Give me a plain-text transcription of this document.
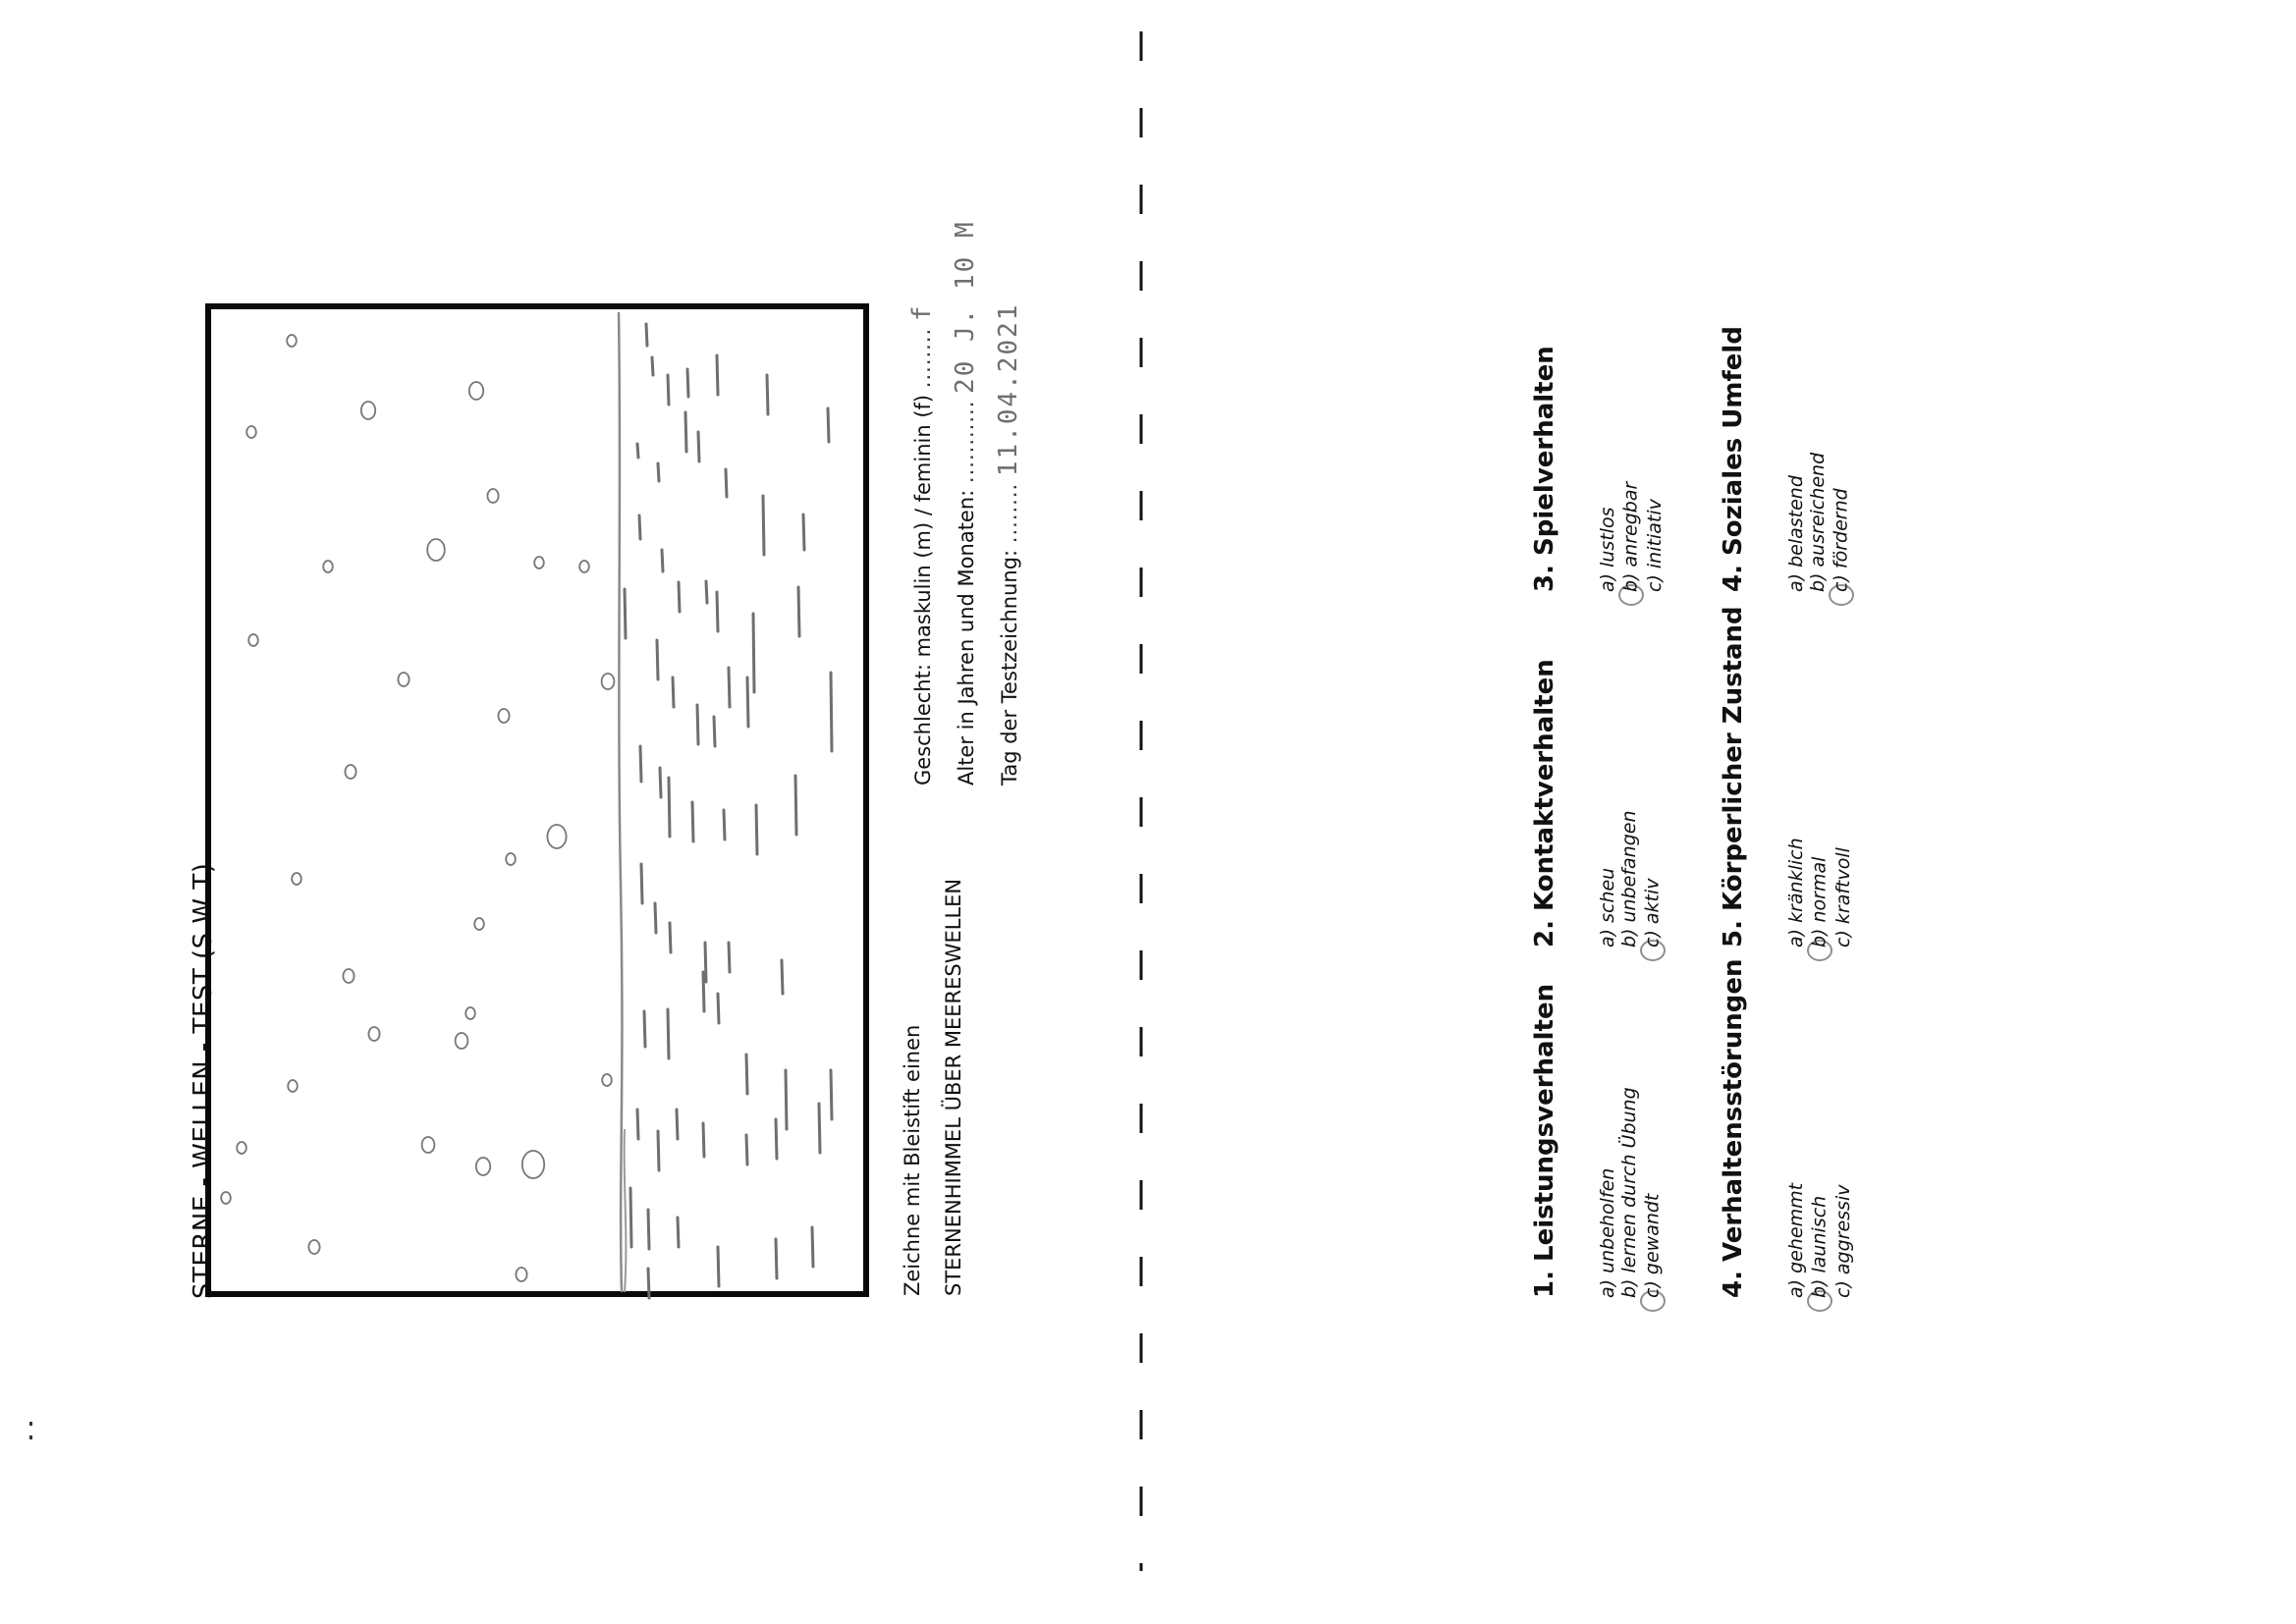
STERNE - WELLEN - TEST (S W T)	Zeichne mit Bleistift einen STERNENHIMMEL ÜBER MEERESWELLEN
Geschlecht: maskulin (m) / feminin (f) ........ f
Alter in Jahren und Monaten: ........... 20 J. 10 M
Tag der Testzeichnung: ........ 11.04.2021
1. Leistungsverhalten a) unbeholfen b) lernen durch Übung c) gewandt
2. Kontaktverhalten a) scheu b) unbefangen c) aktiv
3. Spielverhalten a) lustlos b) anregbar c) initiativ
4. Verhaltensstörungen a) gehemmt b) launisch c) aggressiv
5. Körperlicher Zustand a) kränklich b) normal c) kraftvoll
4. Soziales Umfeld a) belastend b) ausreichend c) fördernd
